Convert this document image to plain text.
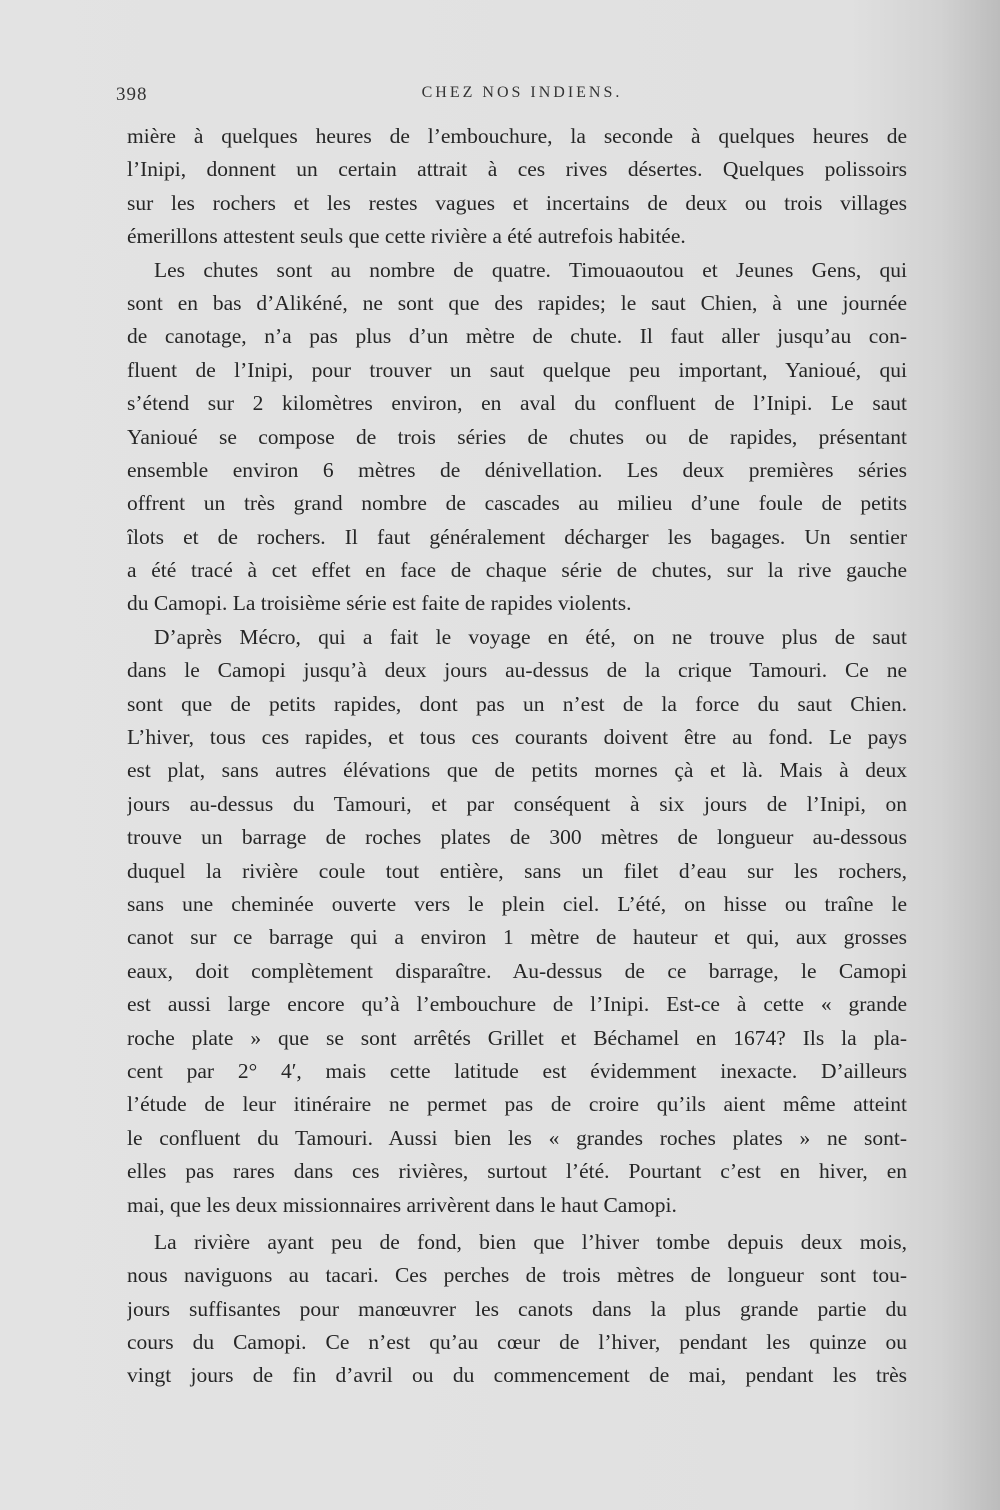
398	CHEZ NOS INDIENS.
mière à quelques heures de l’embouchure, la seconde à quelques heures de
l’Inipi, donnent un certain attrait à ces rives désertes. Quelques polissoirs
sur les rochers et les restes vagues et incertains de deux ou trois villages
émerillons attestent seuls que cette rivière a été autrefois habitée.
Les chutes sont au nombre de quatre. Timouaoutou et Jeunes Gens, qui
sont en bas d’Alikéné, ne sont que des rapides; le saut Chien, à une journée
de canotage, n’a pas plus d’un mètre de chute. Il faut aller jusqu’au con-
fluent de l’Inipi, pour trouver un saut quelque peu important, Yanioué, qui
s’étend sur 2 kilomètres environ, en aval du confluent de l’Inipi. Le saut
Yanioué se compose de trois séries de chutes ou de rapides, présentant
ensemble environ 6 mètres de dénivellation. Les deux premières séries
offrent un très grand nombre de cascades au milieu d’une foule de petits
îlots et de rochers. Il faut généralement décharger les bagages. Un sentier
a été tracé à cet effet en face de chaque série de chutes, sur la rive gauche
du Camopi. La troisième série est faite de rapides violents.
D’après Mécro, qui a fait le voyage en été, on ne trouve plus de saut
dans le Camopi jusqu’à deux jours au-dessus de la crique Tamouri. Ce ne
sont que de petits rapides, dont pas un n’est de la force du saut Chien.
L’hiver, tous ces rapides, et tous ces courants doivent être au fond. Le pays
est plat, sans autres élévations que de petits mornes çà et là. Mais à deux
jours au-dessus du Tamouri, et par conséquent à six jours de l’Inipi, on
trouve un barrage de roches plates de 300 mètres de longueur au-dessous
duquel la rivière coule tout entière, sans un filet d’eau sur les rochers,
sans une cheminée ouverte vers le plein ciel. L’été, on hisse ou traîne le
canot sur ce barrage qui a environ 1 mètre de hauteur et qui, aux grosses
eaux, doit complètement disparaître. Au-dessus de ce barrage, le Camopi
est aussi large encore qu’à l’embouchure de l’Inipi. Est-ce à cette « grande
roche plate » que se sont arrêtés Grillet et Béchamel en 1674? Ils la pla-
cent par 2° 4′, mais cette latitude est évidemment inexacte. D’ailleurs
l’étude de leur itinéraire ne permet pas de croire qu’ils aient même atteint
le confluent du Tamouri. Aussi bien les « grandes roches plates » ne sont-
elles pas rares dans ces rivières, surtout l’été. Pourtant c’est en hiver, en
mai, que les deux missionnaires arrivèrent dans le haut Camopi.
La rivière ayant peu de fond, bien que l’hiver tombe depuis deux mois,
nous naviguons au tacari. Ces perches de trois mètres de longueur sont tou-
jours suffisantes pour manœuvrer les canots dans la plus grande partie du
cours du Camopi. Ce n’est qu’au cœur de l’hiver, pendant les quinze ou
vingt jours de fin d’avril ou du commencement de mai, pendant les très
